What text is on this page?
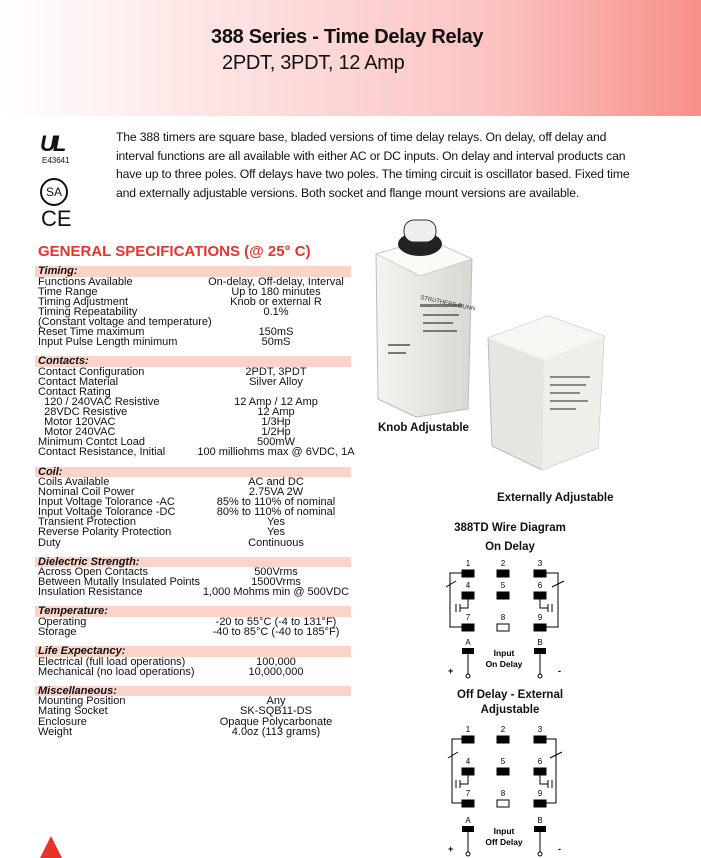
388 Series - Time Delay Relay
2PDT, 3PDT, 12 Amp
UL
E43641
SA
CE
The 388 timers are square base, bladed versions of time delay relays. On delay, off delay and interval functions are all available with either AC or DC inputs. On delay and interval products can have up to three poles. Off delays have two poles. The timing circuit is oscillator based. Fixed time and externally adjustable versions. Both socket and flange mount versions are available.
GENERAL SPECIFICATIONS (@ 25° C)
Timing:
Functions Available	On-delay, Off-delay, Interval
Time Range	Up to 180 minutes
Timing Adjustment	Knob or external R
Timing Repeatability	0.1%
(Constant voltage and temperature)
Reset Time maximum	150mS
Input Pulse Length minimum	50mS
Contacts:
Contact Configuration	2PDT, 3PDT
Contact Material	Silver Alloy
Contact Rating
120 / 240VAC Resistive	12 Amp / 12 Amp
28VDC Resistive	12 Amp
Motor 120VAC	1/3Hp
Motor 240VAC	1/2Hp
Minimum Contct Load	500mW
Contact Resistance, Initial	100 milliohms max @ 6VDC, 1A
Coil:
Coils Available	AC and DC
Nominal Coil Power	2.75VA 2W
Input Voltage Tolorance -AC	85% to 110% of nominal
Input Voltage Tolorance -DC	80% to 110% of nominal
Transient Protection	Yes
Reverse Polarity Protection	Yes
Duty	Continuous
Dielectric Strength:
Across Open Contacts	500Vrms
Between Mutally Insulated Points	1500Vrms
Insulation Resistance	1,000 Mohms min @ 500VDC
Temperature:
Operating	-20 to 55°C (-4 to 131°F)
Storage	-40 to 85°C (-40 to 185°F)
Life Expectancy:
Electrical (full load operations)	100,000
Mechanical (no load operations)	10,000,000
Miscellaneous:
Mounting Position	Any
Mating Socket	SK-SQB11-DS
Enclosure	Opaque Polycarbonate
Weight	4.0oz (113 grams)
STRUTHERS-DUNN
Knob Adjustable
Externally Adjustable
388TD Wire Diagram
On Delay
1	2	3
4	5	6
7	8	9
A	B
Input
On Delay
+	-
Off Delay - External
Adjustable
1	2	3
4	5	6
7	8	9
A	B
Input
Off Delay
+	-
